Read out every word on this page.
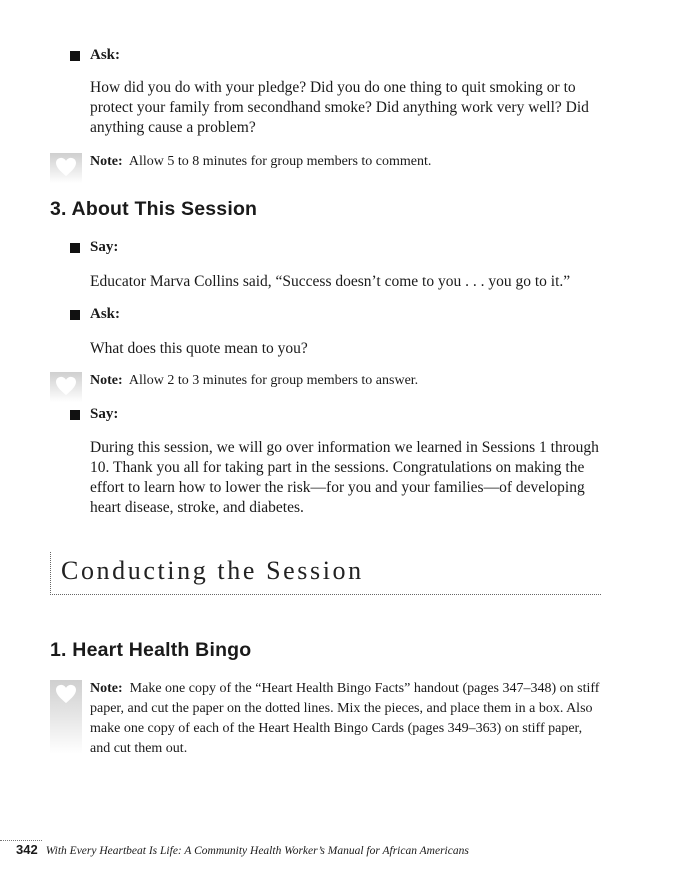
Ask:
How did you do with your pledge? Did you do one thing to quit smoking or to protect your family from secondhand smoke? Did anything work very well? Did anything cause a problem?
Note: Allow 5 to 8 minutes for group members to comment.
3. About This Session
Say:
Educator Marva Collins said, “Success doesn’t come to you . . . you go to it.”
Ask:
What does this quote mean to you?
Note: Allow 2 to 3 minutes for group members to answer.
Say:
During this session, we will go over information we learned in Sessions 1 through 10. Thank you all for taking part in the sessions. Congratulations on making the effort to learn how to lower the risk—for you and your families—of developing heart disease, stroke, and diabetes.
Conducting the Session
1. Heart Health Bingo
Note: Make one copy of the “Heart Health Bingo Facts” handout (pages 347–348) on stiff paper, and cut the paper on the dotted lines. Mix the pieces, and place them in a box. Also make one copy of each of the Heart Health Bingo Cards (pages 349–363) on stiff paper, and cut them out.
342 With Every Heartbeat Is Life: A Community Health Worker’s Manual for African Americans
